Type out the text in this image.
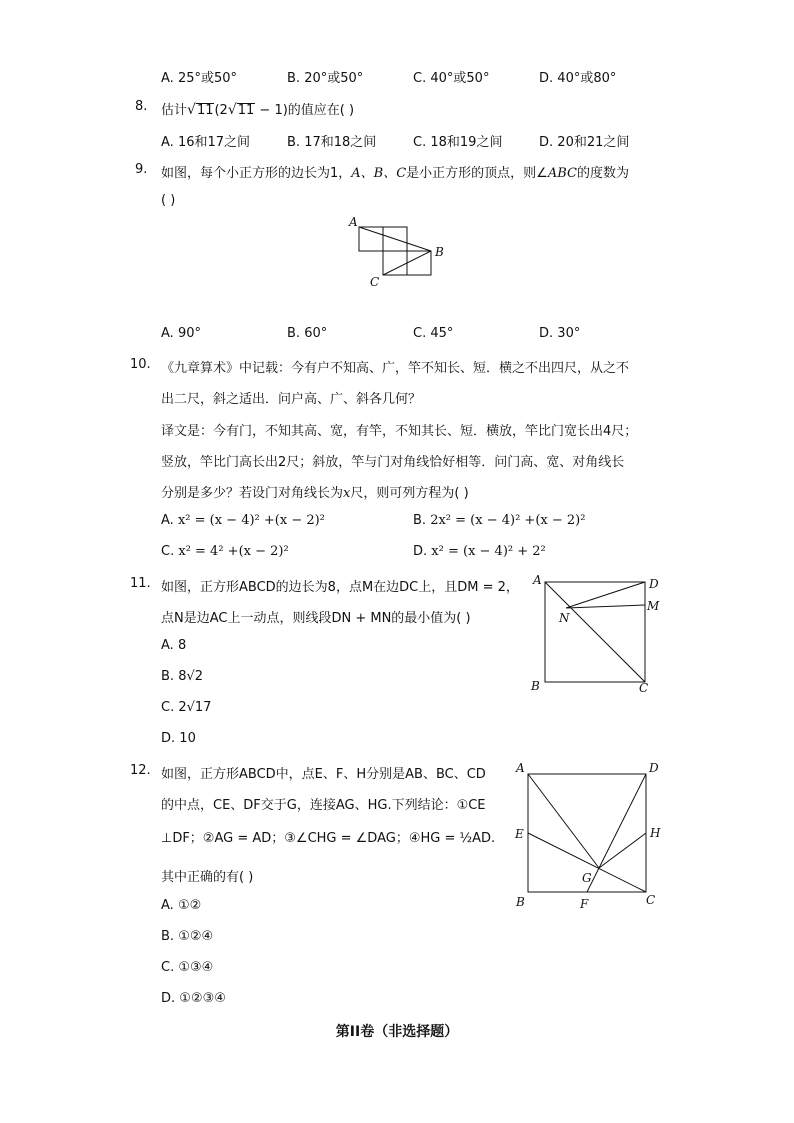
A. 25°或50°	B. 20°或50°	C. 40°或50°	D. 40°或80°
8. 估计√11(2√11 − 1)的值应在( )
A. 16和17之间	B. 17和18之间	C. 18和19之间	D. 20和21之间
9. 如图，每个小正方形的边长为1，A、B、C是小正方形的顶点，则∠ABC的度数为
( )
A
B
C
A. 90°	B. 60°	C. 45°	D. 30°
10. 《九章算术》中记载：今有户不知高、广，竿不知长、短．横之不出四尺，从之不
出二尺，斜之适出．问户高、广、斜各几何？
译文是：今有门，不知其高、宽，有竿，不知其长、短．横放，竿比门宽长出4尺；
竖放，竿比门高长出2尺；斜放，竿与门对角线恰好相等．问门高、宽、对角线长
分别是多少？若设门对角线长为x尺，则可列方程为( )
A. x² = (x − 4)² +(x − 2)²	B. 2x² = (x − 4)² +(x − 2)²
C. x² = 4² +(x − 2)²	D. x² = (x − 4)² + 2²
11. 如图，正方形ABCD的边长为8，点M在边DC上，且DM = 2，
点N是边AC上一动点，则线段DN + MN的最小值为( )
A. 8
B. 8√2
C. 2√17
D. 10
A	D
M
N
B	C
12. 如图，正方形ABCD中，点E、F、H分别是AB、BC、CD
的中点，CE、DF交于G，连接AG、HG.下列结论：①CE
⊥DF；②AG = AD；③∠CHG = ∠DAG；④HG = ½AD.
其中正确的有( )
A. ①②
B. ①②④
C. ①③④
D. ①②③④
A	D
E	H
G
B	F	C
第II卷（非选择题）
